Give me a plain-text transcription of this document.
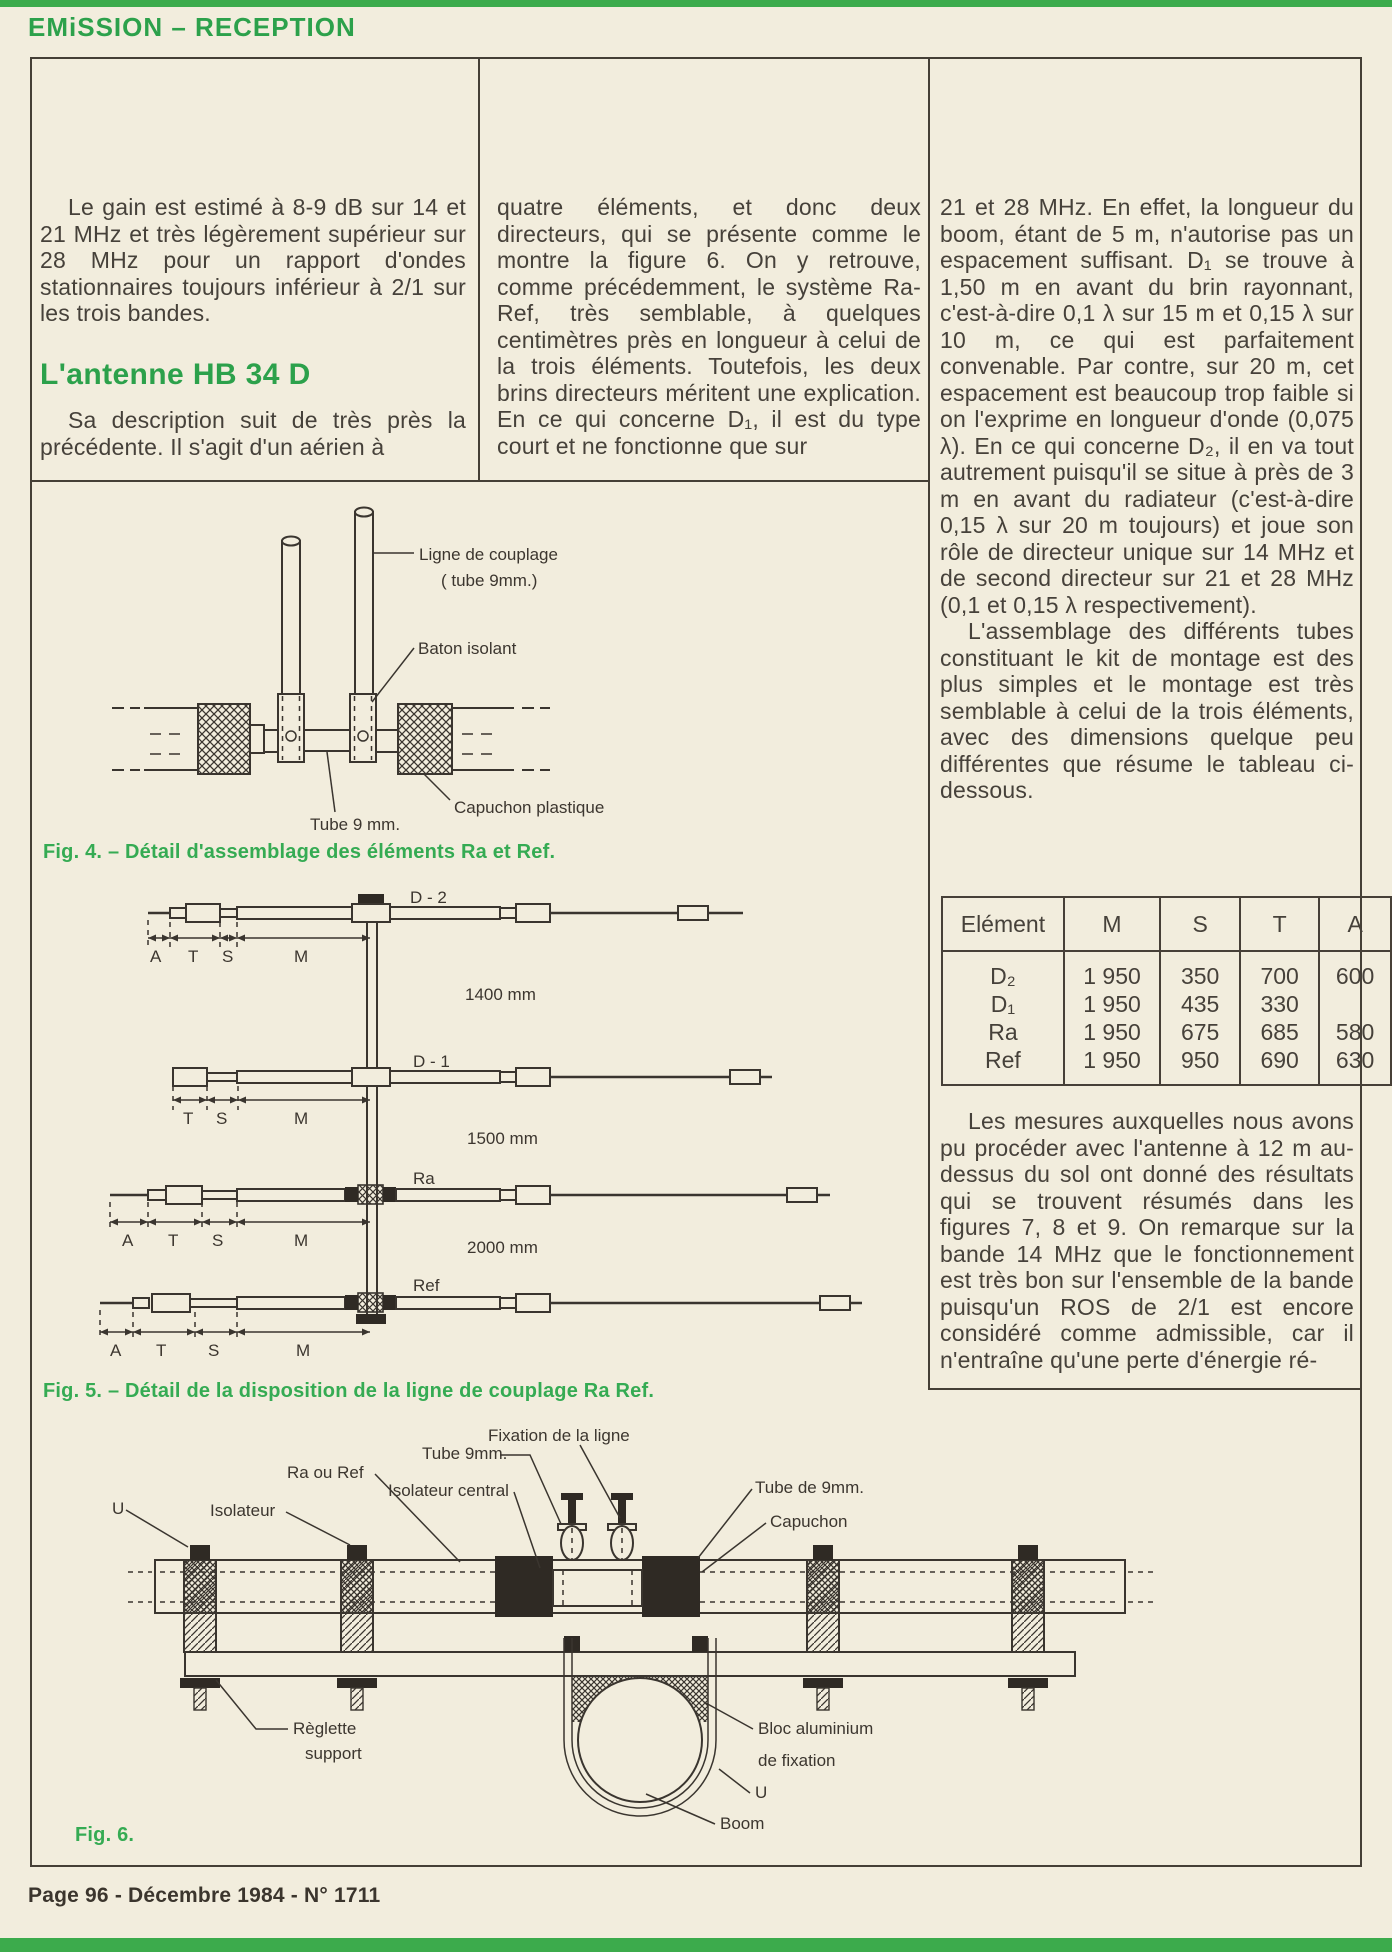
EMiSSION – RECEPTION

Le gain est estimé à 8-9 dB sur 14 et 21 MHz et très légèrement supérieur sur 28 MHz pour un rapport d'ondes stationnaires toujours inférieur à 2/1 sur les trois bandes.

L'antenne HB 34 D

Sa description suit de très près la précédente. Il s'agit d'un aérien à

quatre éléments, et donc deux directeurs, qui se présente comme le montre la figure 6. On y retrouve, comme précédemment, le système Ra-Ref, très semblable, à quelques centimètres près en longueur à celui de la trois éléments. Toutefois, les deux brins directeurs méritent une explication. En ce qui concerne D₁, il est du type court et ne fonctionne que sur

21 et 28 MHz. En effet, la longueur du boom, étant de 5 m, n'autorise pas un espacement suffisant. D₁ se trouve à 1,50 m en avant du brin rayonnant, c'est-à-dire 0,1 λ sur 15 m et 0,15 λ sur 10 m, ce qui est parfaitement convenable. Par contre, sur 20 m, cet espacement est beaucoup trop faible si on l'exprime en longueur d'onde (0,075 λ). En ce qui concerne D₂, il en va tout autrement puisqu'il se situe à près de 3 m en avant du radiateur (c'est-à-dire 0,15 λ sur 20 m toujours) et joue son rôle de directeur unique sur 14 MHz et de second directeur sur 21 et 28 MHz (0,1 et 0,15 λ respectivement).

L'assemblage des différents tubes constituant le kit de montage est des plus simples et le montage est très semblable à celui de la trois éléments, avec des dimensions quelque peu différentes que résume le tableau ci-dessous.

Elément	M	S	T	A
D₂	1 950	350	700	600
D₁	1 950	435	330	
Ra	1 950	675	685	580
Ref	1 950	950	690	630

Les mesures auxquelles nous avons pu procéder avec l'antenne à 12 m au-dessus du sol ont donné des résultats qui se trouvent résumés dans les figures 7, 8 et 9. On remarque sur la bande 14 MHz que le fonctionnement est très bon sur l'ensemble de la bande puisqu'un ROS de 2/1 est encore considéré comme admissible, car il n'entraîne qu'une perte d'énergie ré-

Ligne de couplage
( tube 9mm.)
Baton isolant
Capuchon plastique
Tube 9 mm.
Fig. 4. – Détail d'assemblage des éléments Ra et Ref.
A T S	M
D - 2
1400 mm
T S	M
D - 1
1500 mm
A T S	M
Ra
2000 mm
A T S	M
Ref
Fig. 5. – Détail de la disposition de la ligne de couplage Ra Ref.
U	Isolateur
Ra ou Ref
Isolateur central
Tube 9mm.
Fixation de la ligne
Tube de 9mm.
Capuchon
Règlette
support
Bloc aluminium
de fixation
U
Boom
Fig. 6.
Page 96 - Décembre 1984 - N° 1711
